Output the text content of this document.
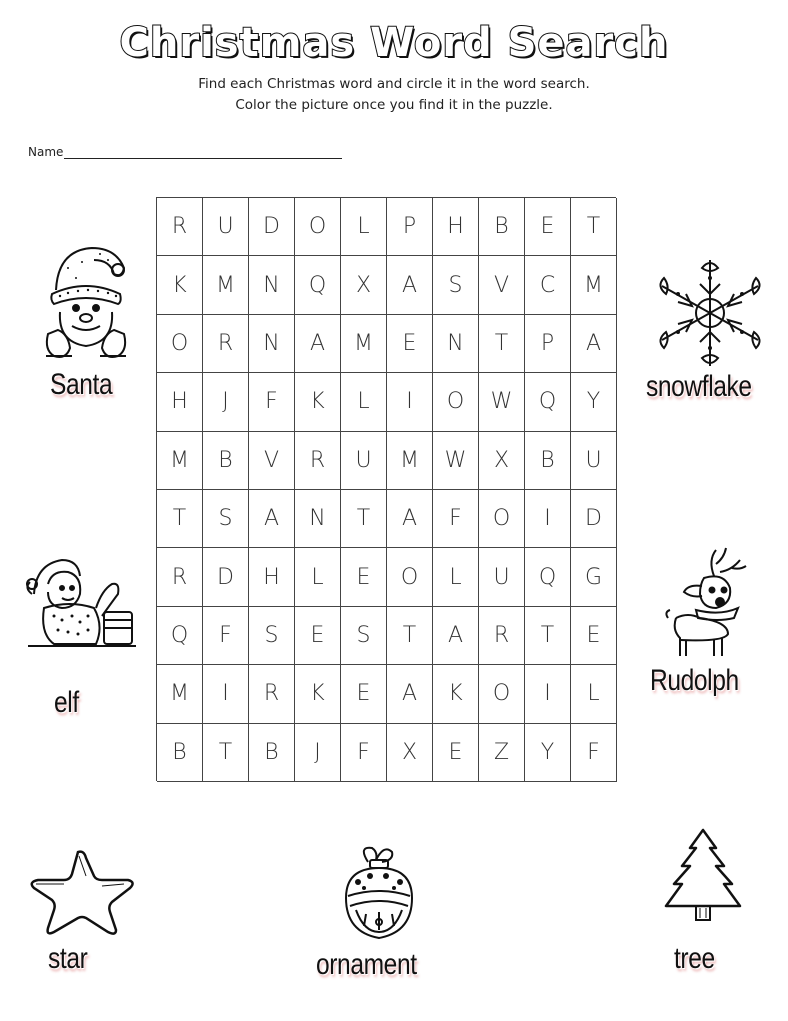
Christmas Word Search
Find each Christmas word and circle it in the word search.
Color the picture once you find it in the puzzle.
Name
R	U	D	O	L	P	H	B	E	T
K	M	N	Q	X	A	S	V	C	M
O	R	N	A	M	E	N	T	P	A
H	J	F	K	L	I	O	W	Q	Y
M	B	V	R	U	M	W	X	B	U
T	S	A	N	T	A	F	O	I	D
R	D	H	L	E	O	L	U	Q	G
Q	F	S	E	S	T	A	R	T	E
M	I	R	K	E	A	K	O	I	L
B	T	B	J	F	X	E	Z	Y	F
Santa	snowflake
elf
Rudolph
star	ornament	tree
